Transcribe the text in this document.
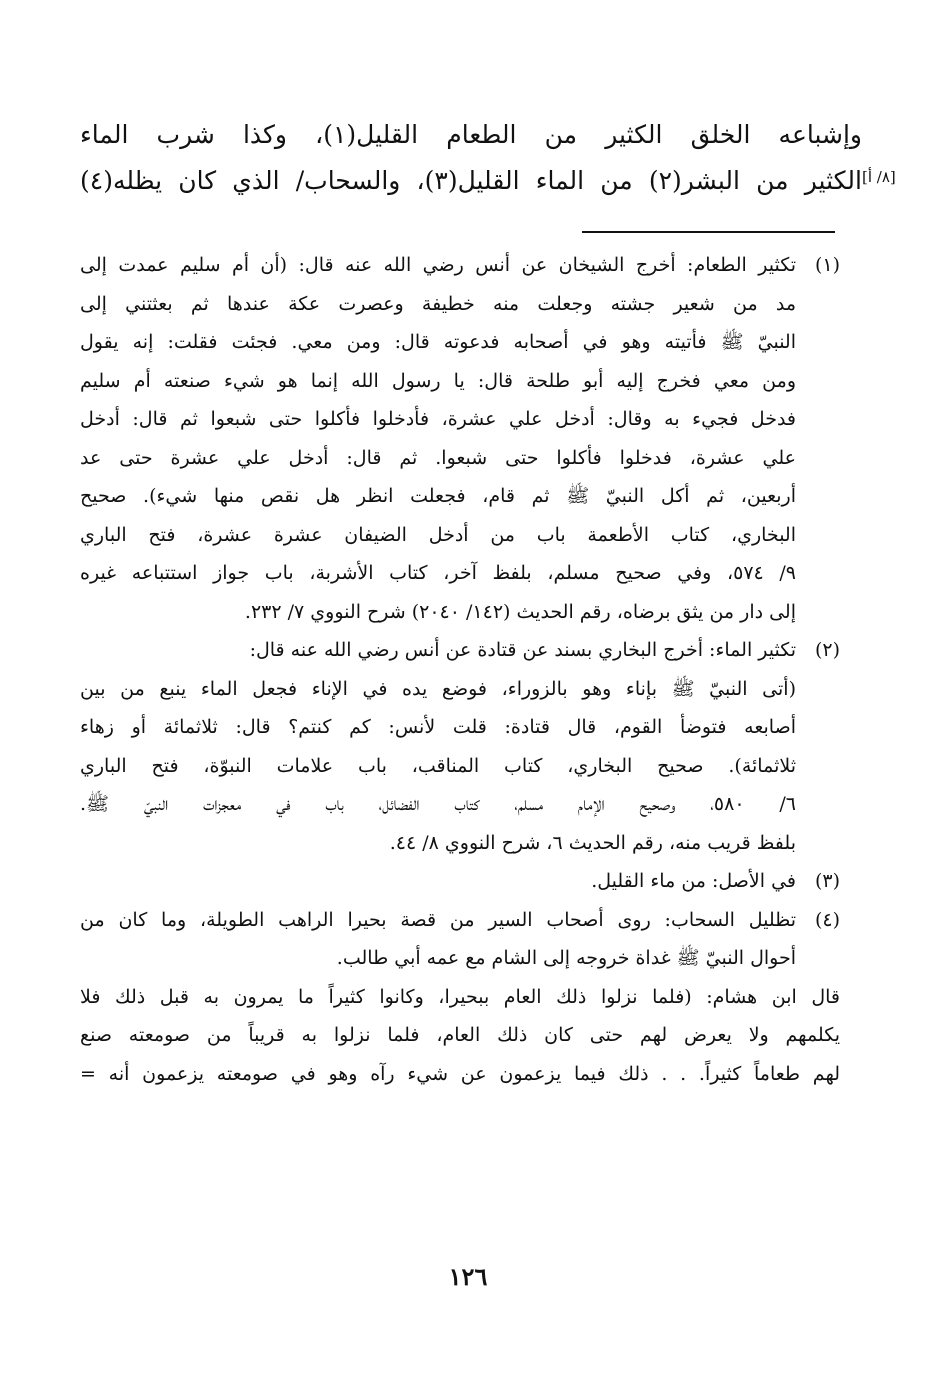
وإشباعه الخلق الكثير من الطعام القليل(١)، وكذا شرب الماء
الكثير من البشر(٢) من الماء القليل(٣)، والسحاب/ الذي كان يظله(٤) [٨/ أ]
(١)
تكثير الطعام: أخرج الشيخان عن أنس رضي الله عنه قال: (أن أم سليم عمدت إلى
مد من شعير جشته وجعلت منه خطيفة وعصرت عكة عندها ثم بعثتني إلى
النبيّ ﷺ فأتيته وهو في أصحابه فدعوته قال: ومن معي. فجئت فقلت: إنه يقول
ومن معي فخرج إليه أبو طلحة قال: يا رسول الله إنما هو شيء صنعته أم سليم
فدخل فجيء به وقال: أدخل علي عشرة، فأدخلوا فأكلوا حتى شبعوا ثم قال: أدخل
علي عشرة، فدخلوا فأكلوا حتى شبعوا. ثم قال: أدخل علي عشرة حتى عد
أربعين، ثم أكل النبيّ ﷺ ثم قام، فجعلت انظر هل نقص منها شيء). صحيح
البخاري، كتاب الأطعمة باب من أدخل الضيفان عشرة عشرة، فتح الباري
٩/ ٥٧٤، وفي صحيح مسلم، بلفظ آخر، كتاب الأشربة، باب جواز استتباعه غيره
إلى دار من يثق برضاه، رقم الحديث (١٤٢/ ٢٠٤٠) شرح النووي ٧/ ٢٣٢.
(٢)
تكثير الماء: أخرج البخاري بسند عن قتادة عن أنس رضي الله عنه قال:
(أتى النبيّ ﷺ بإناء وهو بالزوراء، فوضع يده في الإناء فجعل الماء ينبع من بين
أصابعه فتوضأ القوم، قال قتادة: قلت لأنس: كم كنتم؟ قال: ثلاثمائة أو زهاء
ثلاثمائة). صحيح البخاري، كتاب المناقب، باب علامات النبوّة، فتح الباري
٦/ ٥٨٠، وصحيح الإمام مسلم، كتاب الفضائل، باب في معجزات النبيّ ﷺ.
بلفظ قريب منه، رقم الحديث ٦، شرح النووي ٨/ ٤٤.
(٣)
في الأصل: من ماء القليل.
(٤)
تظليل السحاب: روى أصحاب السير من قصة بحيرا الراهب الطويلة، وما كان من
أحوال النبيّ ﷺ غداة خروجه إلى الشام مع عمه أبي طالب.
قال ابن هشام: (فلما نزلوا ذلك العام ببحيرا، وكانوا كثيراً ما يمرون به قبل ذلك فلا
يكلمهم ولا يعرض لهم حتى كان ذلك العام، فلما نزلوا به قريباً من صومعته صنع
لهم طعاماً كثيراً. . . ذلك فيما يزعمون عن شيء رآه وهو في صومعته يزعمون أنه =
١٢٦
